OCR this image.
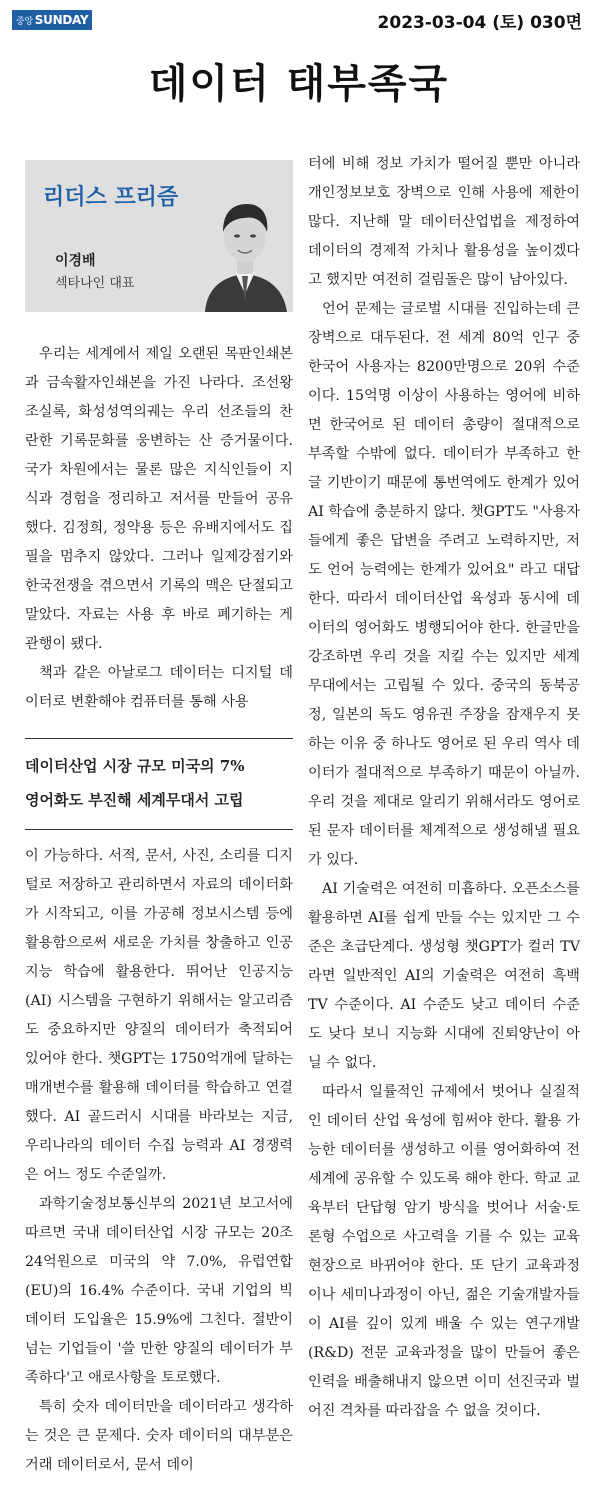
중앙 SUNDAY	2023-03-04 (토) 030면
데이터 태부족국
리더스 프리즘
이경배
섹타나인 대표

우리는 세계에서 제일 오랜된 목판인쇄본과 금속활자인쇄본을 가진 나라다. 조선왕조실록, 화성성역의궤는 우리 선조들의 찬란한 기록문화를 웅변하는 산 증거물이다. 국가 차원에서는 물론 많은 지식인들이 지식과 경험을 정리하고 저서를 만들어 공유했다. 김정희, 정약용 등은 유배지에서도 집필을 멈추지 않았다. 그러나 일제강점기와 한국전쟁을 겪으면서 기록의 맥은 단절되고 말았다. 자료는 사용 후 바로 폐기하는 게 관행이 됐다.

책과 같은 아날로그 데이터는 디지털 데이터로 변환해야 컴퓨터를 통해 사용

데이터산업 시장 규모 미국의 7%
영어화도 부진해 세계무대서 고립

이 가능하다. 서적, 문서, 사진, 소리를 디지털로 저장하고 관리하면서 자료의 데이터화가 시작되고, 이를 가공해 정보시스템 등에 활용함으로써 새로운 가치를 창출하고 인공지능 학습에 활용한다. 뛰어난 인공지능(AI) 시스템을 구현하기 위해서는 알고리즘도 중요하지만 양질의 데이터가 축적되어 있어야 한다. 챗GPT는 1750억개에 달하는 매개변수를 활용해 데이터를 학습하고 연결했다. AI 골드러시 시대를 바라보는 지금, 우리나라의 데이터 수집 능력과 AI 경쟁력은 어느 정도 수준일까.

과학기술정보통신부의 2021년 보고서에 따르면 국내 데이터산업 시장 규모는 20조 24억원으로 미국의 약 7.0%, 유럽연합(EU)의 16.4% 수준이다. 국내 기업의 빅데이터 도입율은 15.9%에 그친다. 절반이 넘는 기업들이 '쓸 만한 양질의 데이터가 부족하다'고 애로사항을 토로했다.

특히 숫자 데이터만을 데이터라고 생각하는 것은 큰 문제다. 숫자 데이터의 대부분은 거래 데이터로서, 문서 데이

터에 비해 정보 가치가 떨어질 뿐만 아니라 개인정보보호 장벽으로 인해 사용에 제한이 많다. 지난해 말 데이터산업법을 제정하여 데이터의 경제적 가치나 활용성을 높이겠다고 했지만 여전히 걸림돌은 많이 남아있다.

언어 문제는 글로벌 시대를 진입하는데 큰 장벽으로 대두된다. 전 세계 80억 인구 중 한국어 사용자는 8200만명으로 20위 수준이다. 15억명 이상이 사용하는 영어에 비하면 한국어로 된 데이터 총량이 절대적으로 부족할 수밖에 없다. 데이터가 부족하고 한글 기반이기 때문에 통번역에도 한계가 있어 AI 학습에 충분하지 않다. 챗GPT도 "사용자들에게 좋은 답변을 주려고 노력하지만, 저도 언어 능력에는 한계가 있어요" 라고 대답한다. 따라서 데이터산업 육성과 동시에 데이터의 영어화도 병행되어야 한다. 한글만을 강조하면 우리 것을 지킬 수는 있지만 세계 무대에서는 고립될 수 있다. 중국의 동북공정, 일본의 독도 영유권 주장을 잠재우지 못하는 이유 중 하나도 영어로 된 우리 역사 데이터가 절대적으로 부족하기 때문이 아닐까. 우리 것을 제대로 알리기 위해서라도 영어로 된 문자 데이터를 체계적으로 생성해낼 필요가 있다.

AI 기술력은 여전히 미흡하다. 오픈소스를 활용하면 AI를 쉽게 만들 수는 있지만 그 수준은 초급단계다. 생성형 챗GPT가 컬러 TV라면 일반적인 AI의 기술력은 여전히 흑백 TV 수준이다. AI 수준도 낮고 데이터 수준도 낮다 보니 지능화 시대에 진퇴양난이 아닐 수 없다.

따라서 일률적인 규제에서 벗어나 실질적인 데이터 산업 육성에 힘써야 한다. 활용 가능한 데이터를 생성하고 이를 영어화하여 전 세계에 공유할 수 있도록 해야 한다. 학교 교육부터 단답형 암기 방식을 벗어나 서술·토론형 수업으로 사고력을 기를 수 있는 교육 현장으로 바뀌어야 한다. 또 단기 교육과정이나 세미나과정이 아닌, 젊은 기술개발자들이 AI를 깊이 있게 배울 수 있는 연구개발(R&D) 전문 교육과정을 많이 만들어 좋은 인력을 배출해내지 않으면 이미 선진국과 벌어진 격차를 따라잡을 수 없을 것이다.
